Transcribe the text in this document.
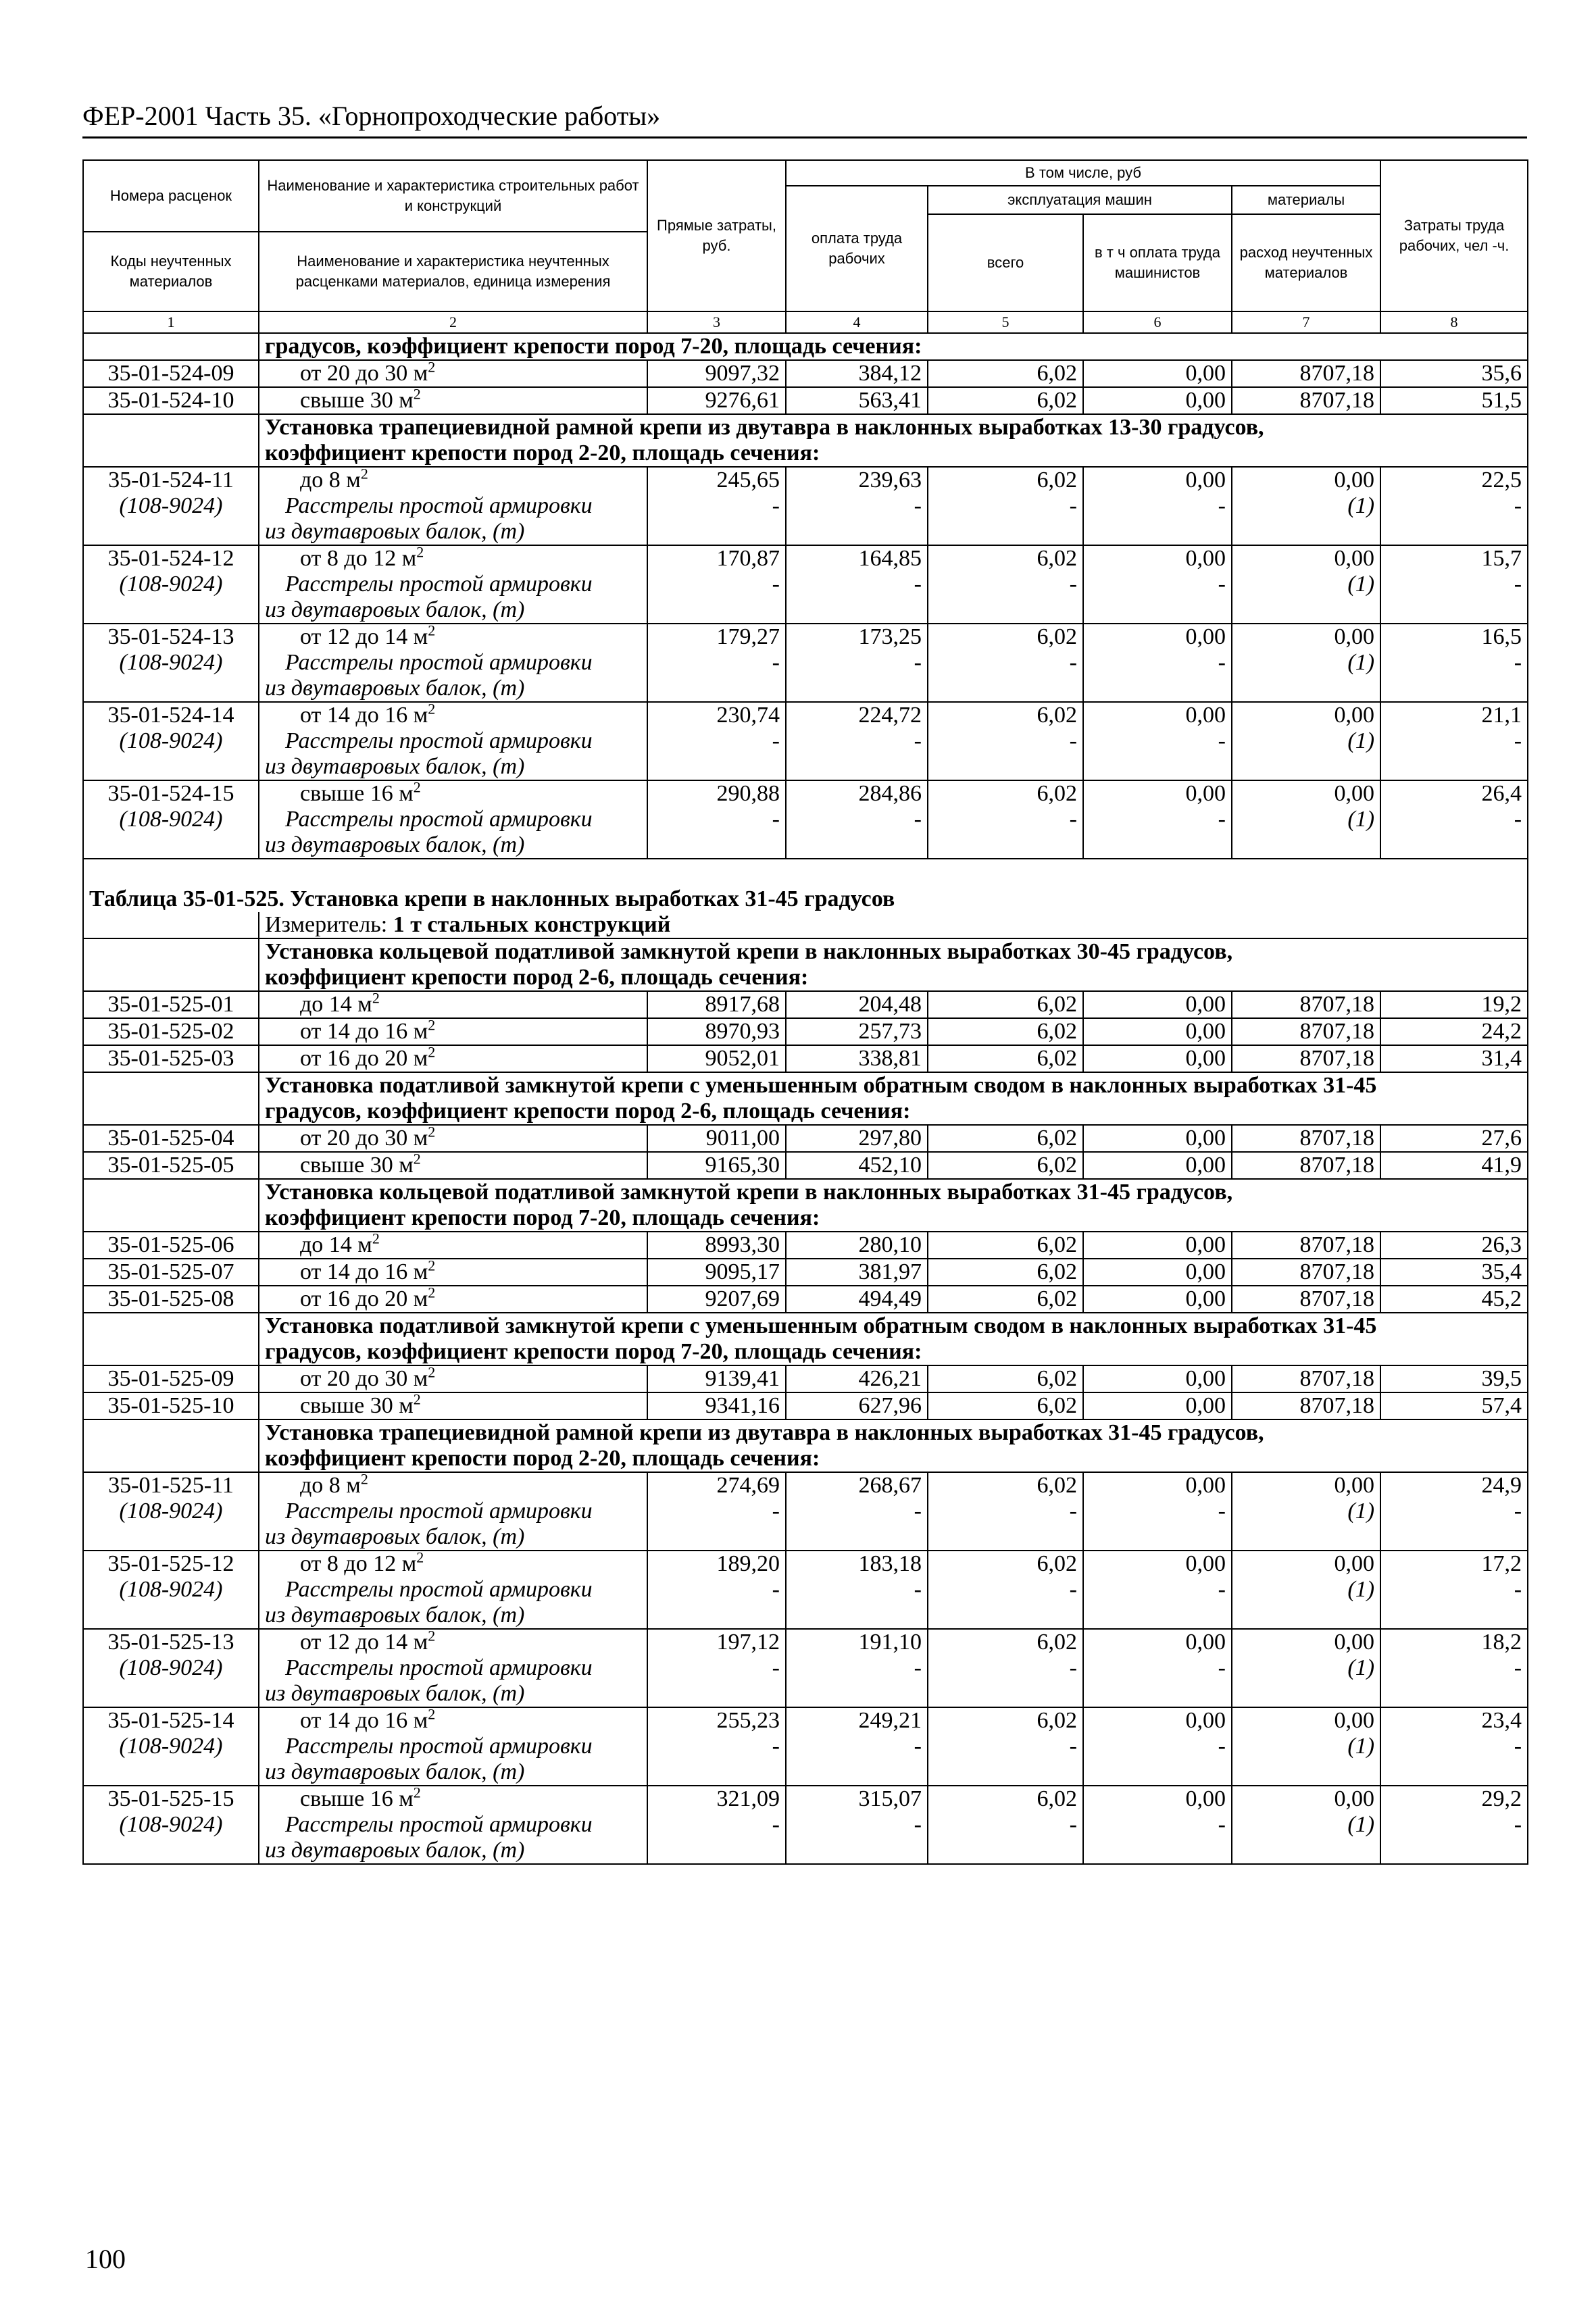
ФЕР-2001 Часть 35. «Горнопроходческие работы»
Номера расценок	Наименование и характеристика строительных работ и конструкций	Прямые затраты, руб.	В том числе, руб				Затраты труда рабочих, чел -ч.
			оплата труда рабочих	эксплуатация машин		материалы	
				всего	в т ч оплата труда машинистов	расход неучтенных материалов	
Коды неучтенных материалов	Наименование и характеристика неучтенных расценками материалов, единица измерения						

1	2	3	4	5	6	7	8

	градусов, коэффициент крепости пород 7-20, площадь сечения:						

35-01-524-09	от 20 до 30 $м^2$	9097,32	384,12	6,02	0,00	8707,18	35,6
35-01-524-10	свыше 30 $м^2$	9276,61	563,41	6,02	0,00	8707,18	51,5

	Установка трапециевидной рамной крепи из двутавра в наклонных выработках 13-30 градусов,
коэффициент крепости пород 2-20, площадь сечения:						

35-01-524-11	до 8 $м^2$	245,65	239,63	6,02	0,00	0,00	22,5
(108-9024)	Расстрелы простой армировки
из двутавровых балок, (т)	-	-	-	-	(1)	-
35-01-524-12	от 8 до 12 $м^2$	170,87	164,85	6,02	0,00	0,00	15,7
(108-9024)	Расстрелы простой армировки
из двутавровых балок, (т)	-	-	-	-	(1)	-
35-01-524-13	от 12 до 14 $м^2$	179,27	173,25	6,02	0,00	0,00	16,5
(108-9024)	Расстрелы простой армировки
из двутавровых балок, (т)	-	-	-	-	(1)	-
35-01-524-14	от 14 до 16 $м^2$	230,74	224,72	6,02	0,00	0,00	21,1
(108-9024)	Расстрелы простой армировки
из двутавровых балок, (т)	-	-	-	-	(1)	-
35-01-524-15	свыше 16 $м^2$	290,88	284,86	6,02	0,00	0,00	26,4
(108-9024)	Расстрелы простой армировки
из двутавровых балок, (т)	-	-	-	-	(1)	-
Таблица 35-01-525. Установка крепи в наклонных выработках 31-45 градусов							
	Измеритель: 1 т стальных конструкций						

	Установка кольцевой податливой замкнутой крепи в наклонных выработках 30-45 градусов,
коэффициент крепости пород 2-6, площадь сечения:						

35-01-525-01	до 14 $м^2$	8917,68	204,48	6,02	0,00	8707,18	19,2
35-01-525-02	от 14 до 16 $м^2$	8970,93	257,73	6,02	0,00	8707,18	24,2
35-01-525-03	от 16 до 20 $м^2$	9052,01	338,81	6,02	0,00	8707,18	31,4

	Установка податливой замкнутой крепи с уменьшенным обратным сводом в наклонных выработках 31-45
градусов, коэффициент крепости пород 2-6, площадь сечения:						

35-01-525-04	от 20 до 30 $м^2$	9011,00	297,80	6,02	0,00	8707,18	27,6
35-01-525-05	свыше 30 $м^2$	9165,30	452,10	6,02	0,00	8707,18	41,9

	Установка кольцевой податливой замкнутой крепи в наклонных выработках 31-45 градусов,
коэффициент крепости пород 7-20, площадь сечения:						

35-01-525-06	до 14 $м^2$	8993,30	280,10	6,02	0,00	8707,18	26,3
35-01-525-07	от 14 до 16 $м^2$	9095,17	381,97	6,02	0,00	8707,18	35,4
35-01-525-08	от 16 до 20 $м^2$	9207,69	494,49	6,02	0,00	8707,18	45,2

	Установка податливой замкнутой крепи с уменьшенным обратным сводом в наклонных выработках 31-45
градусов, коэффициент крепости пород 7-20, площадь сечения:						

35-01-525-09	от 20 до 30 $м^2$	9139,41	426,21	6,02	0,00	8707,18	39,5
35-01-525-10	свыше 30 $м^2$	9341,16	627,96	6,02	0,00	8707,18	57,4

	Установка трапециевидной рамной крепи из двутавра в наклонных выработках 31-45 градусов,
коэффициент крепости пород 2-20, площадь сечения:						

35-01-525-11	до 8 $м^2$	274,69	268,67	6,02	0,00	0,00	24,9
(108-9024)	Расстрелы простой армировки
из двутавровых балок, (т)	-	-	-	-	(1)	-
35-01-525-12	от 8 до 12 $м^2$	189,20	183,18	6,02	0,00	0,00	17,2
(108-9024)	Расстрелы простой армировки
из двутавровых балок, (т)	-	-	-	-	(1)	-
35-01-525-13	от 12 до 14 $м^2$	197,12	191,10	6,02	0,00	0,00	18,2
(108-9024)	Расстрелы простой армировки
из двутавровых балок, (т)	-	-	-	-	(1)	-
35-01-525-14	от 14 до 16 $м^2$	255,23	249,21	6,02	0,00	0,00	23,4
(108-9024)	Расстрелы простой армировки
из двутавровых балок, (т)	-	-	-	-	(1)	-
35-01-525-15	свыше 16 $м^2$	321,09	315,07	6,02	0,00	0,00	29,2
(108-9024)	Расстрелы простой армировки
из двутавровых балок, (т)	-	-	-	-	(1)	-
100
